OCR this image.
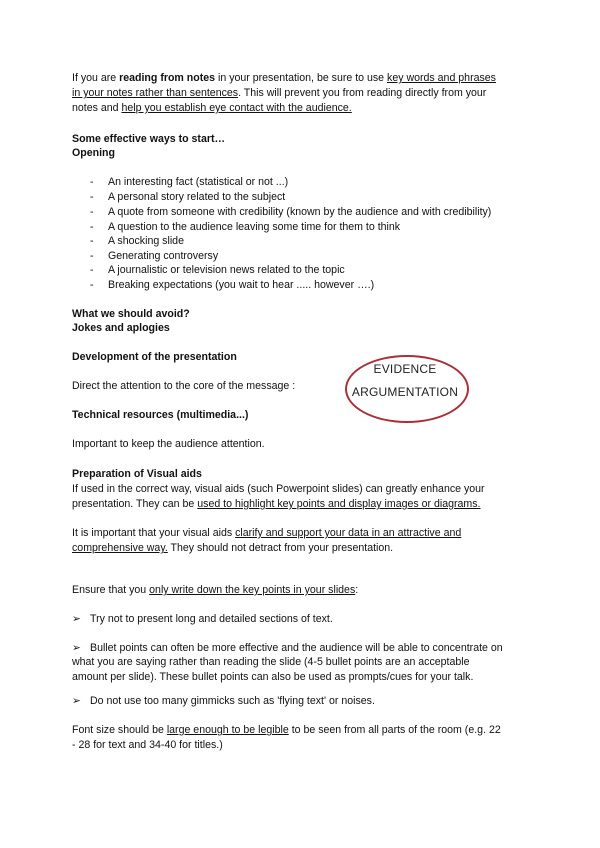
If you are reading from notes in your presentation, be sure to use key words and phrases
in your notes rather than sentences. This will prevent you from reading directly from your
notes and help you establish eye contact with the audience.
Some effective ways to start…
Opening
- An interesting fact (statistical or not ...)
- A personal story related to the subject
- A quote from someone with credibility (known by the audience and with credibility)
- A question to the audience leaving some time for them to think
- A shocking slide
- Generating controversy
- A journalistic or television news related to the topic
- Breaking expectations (you wait to hear ..... however ….)
What we should avoid?
Jokes and aplogies
Development of the presentation
Direct the attention to the core of the message :
EVIDENCE
ARGUMENTATION
Technical resources (multimedia...)
Important to keep the audience attention.
Preparation of Visual aids
If used in the correct way, visual aids (such Powerpoint slides) can greatly enhance your
presentation. They can be used to highlight key points and display images or diagrams.
It is important that your visual aids clarify and support your data in an attractive and
comprehensive way. They should not detract from your presentation.
Ensure that you only write down the key points in your slides:
➢ Try not to present long and detailed sections of text.
➢ Bullet points can often be more effective and the audience will be able to concentrate on
what you are saying rather than reading the slide (4-5 bullet points are an acceptable
amount per slide). These bullet points can also be used as prompts/cues for your talk.
➢ Do not use too many gimmicks such as 'flying text' or noises.
Font size should be large enough to be legible to be seen from all parts of the room (e.g. 22
- 28 for text and 34-40 for titles.)
